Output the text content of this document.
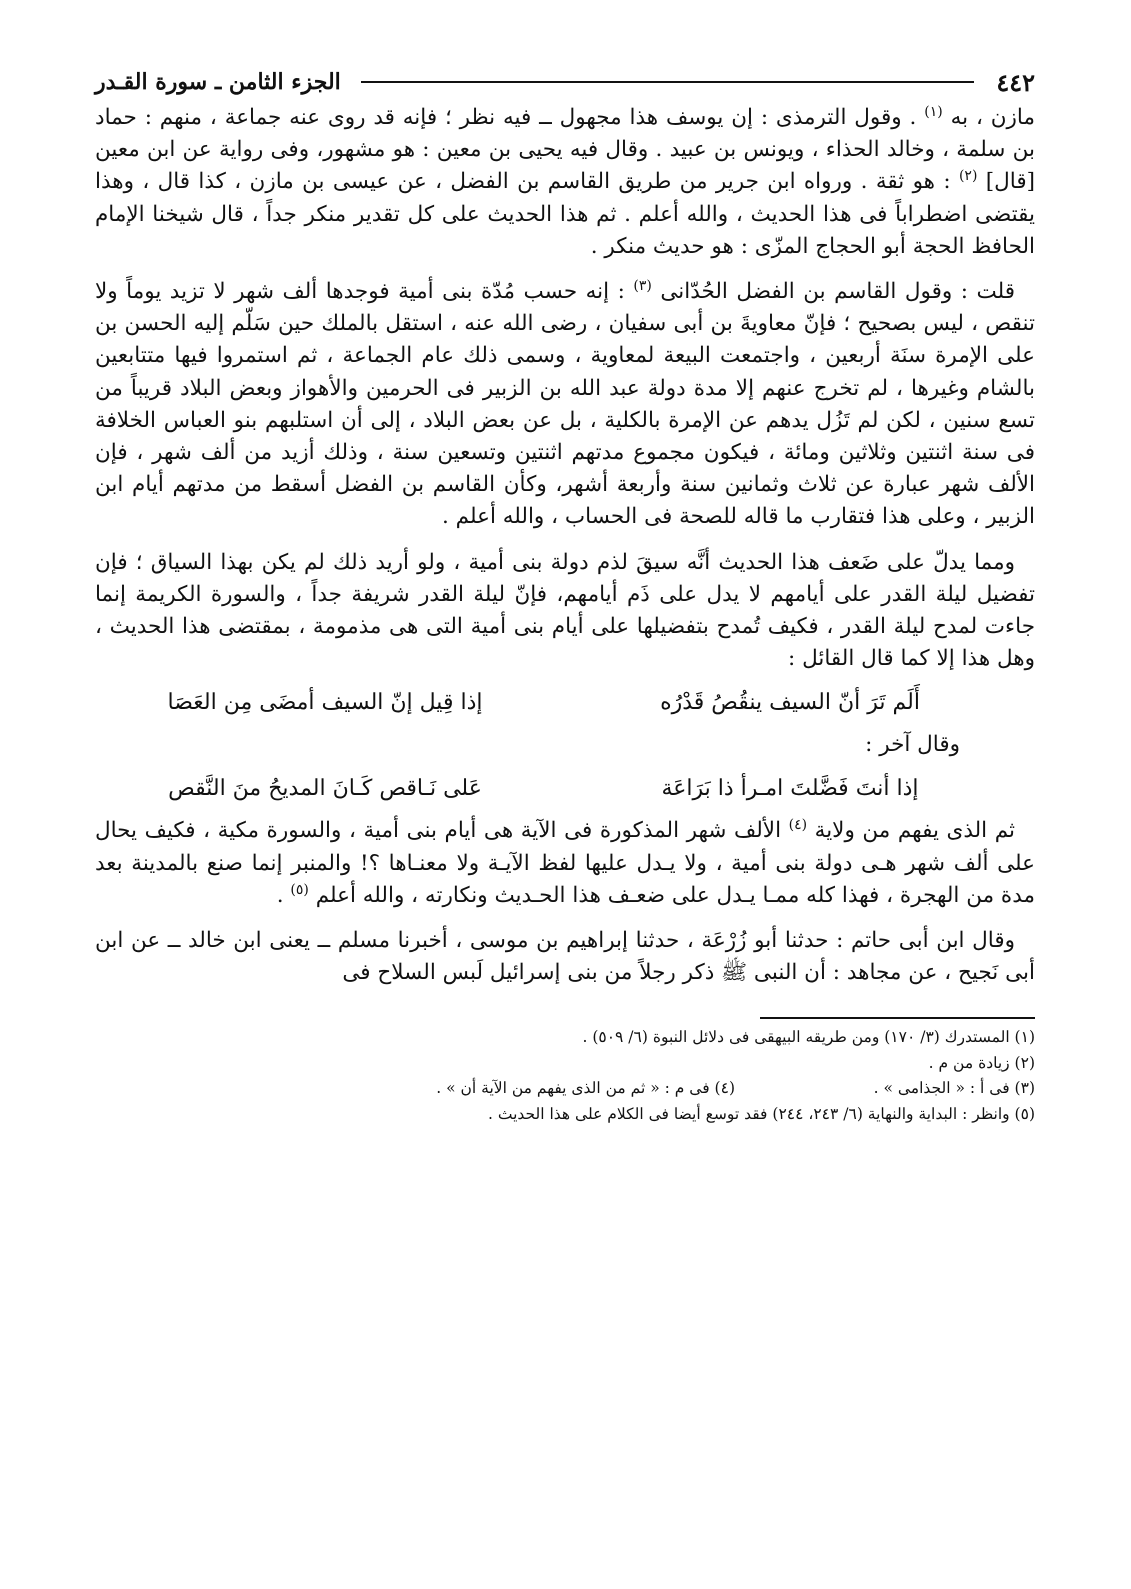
٤٤٢
الجزء الثامن ـ سورة القـدر

مازن ، به $^{(١)}$ . وقول الترمذى : إن يوسف هذا مجهول ــ فيه نظر ؛ فإنه قد روى عنه جماعة ، منهم : حماد بن سلمة ، وخالد الحذاء ، ويونس بن عبيد . وقال فيه يحيى بن معين : هو مشهور، وفى رواية عن ابن معين [قال] $^{(٢)}$ : هو ثقة . ورواه ابن جرير من طريق القاسم بن الفضل ، عن عيسى بن مازن ، كذا قال ، وهذا يقتضى اضطراباً فى هذا الحديث ، والله أعلم . ثم هذا الحديث على كل تقدير منكر جداً ، قال شيخنا الإمام الحافظ الحجة أبو الحجاج المزّى : هو حديث منكر .

قلت : وقول القاسم بن الفضل الحُدّانى $^{(٣)}$ : إنه حسب مُدّة بنى أمية فوجدها ألف شهر لا تزيد يوماً ولا تنقص ، ليس بصحيح ؛ فإنّ معاويةَ بن أبى سفيان ، رضى الله عنه ، استقل بالملك حين سَلّم إليه الحسن بن على الإمرة سنَة أربعين ، واجتمعت البيعة لمعاوية ، وسمى ذلك عام الجماعة ، ثم استمروا فيها متتابعين بالشام وغيرها ، لم تخرج عنهم إلا مدة دولة عبد الله بن الزبير فى الحرمين والأهواز وبعض البلاد قريباً من تسع سنين ، لكن لم تَزُل يدهم عن الإمرة بالكلية ، بل عن بعض البلاد ، إلى أن استلبهم بنو العباس الخلافة فى سنة اثنتين وثلاثين ومائة ، فيكون مجموع مدتهم اثنتين وتسعين سنة ، وذلك أزيد من ألف شهر ، فإن الألف شهر عبارة عن ثلاث وثمانين سنة وأربعة أشهر، وكأن القاسم بن الفضل أسقط من مدتهم أيام ابن الزبير ، وعلى هذا فتقارب ما قاله للصحة فى الحساب ، والله أعلم .

ومما يدلّ على ضَعف هذا الحديث أنَّه سيقَ لذم دولة بنى أمية ، ولو أريد ذلك لم يكن بهذا السياق ؛ فإن تفضيل ليلة القدر على أيامهم لا يدل على ذَم أيامهم، فإنّ ليلة القدر شريفة جداً ، والسورة الكريمة إنما جاءت لمدح ليلة القدر ، فكيف تُمدح بتفضيلها على أيام بنى أمية التى هى مذمومة ، بمقتضى هذا الحديث ، وهل هذا إلا كما قال القائل :

أَلَم تَرَ أنّ السيف ينقُصُ قَدْرُه
إذا قِيل إنّ السيف أمضَى مِن العَصَا
وقال آخر :
إذا أنتَ فَضَّلتَ امـرأ ذا بَرَاعَة
عَلى نَـاقص كَـانَ المديحُ منَ النَّقص

ثم الذى يفهم من ولاية $^{(٤)}$ الألف شهر المذكورة فى الآية هى أيام بنى أمية ، والسورة مكية ، فكيف يحال على ألف شهر هـى دولة بنى أمية ، ولا يـدل عليها لفظ الآيـة ولا معنـاها ؟! والمنبر إنما صنع بالمدينة بعد مدة من الهجرة ، فهذا كله ممـا يـدل على ضعـف هذا الحـديث ونكارته ، والله أعلم $^{(٥)}$ .

وقال ابن أبى حاتم : حدثنا أبو زُرْعَة ، حدثنا إبراهيم بن موسى ، أخبرنا مسلم ــ يعنى ابن خالد ــ عن ابن أبى نَجيح ، عن مجاهد : أن النبى ﷺ ذكر رجلاً من بنى إسرائيل لَبس السلاح فى

(١) المستدرك (٣/ ١٧٠) ومن طريقه البيهقى فى دلائل النبوة (٦/ ٥٠٩) .
(٢) زيادة من م .
(٣) فى أ : « الجذامى » .
(٤) فى م : « ثم من الذى يفهم من الآية أن » .
(٥) وانظر : البداية والنهاية (٦/ ٢٤٣، ٢٤٤) فقد توسع أيضا فى الكلام على هذا الحديث .
